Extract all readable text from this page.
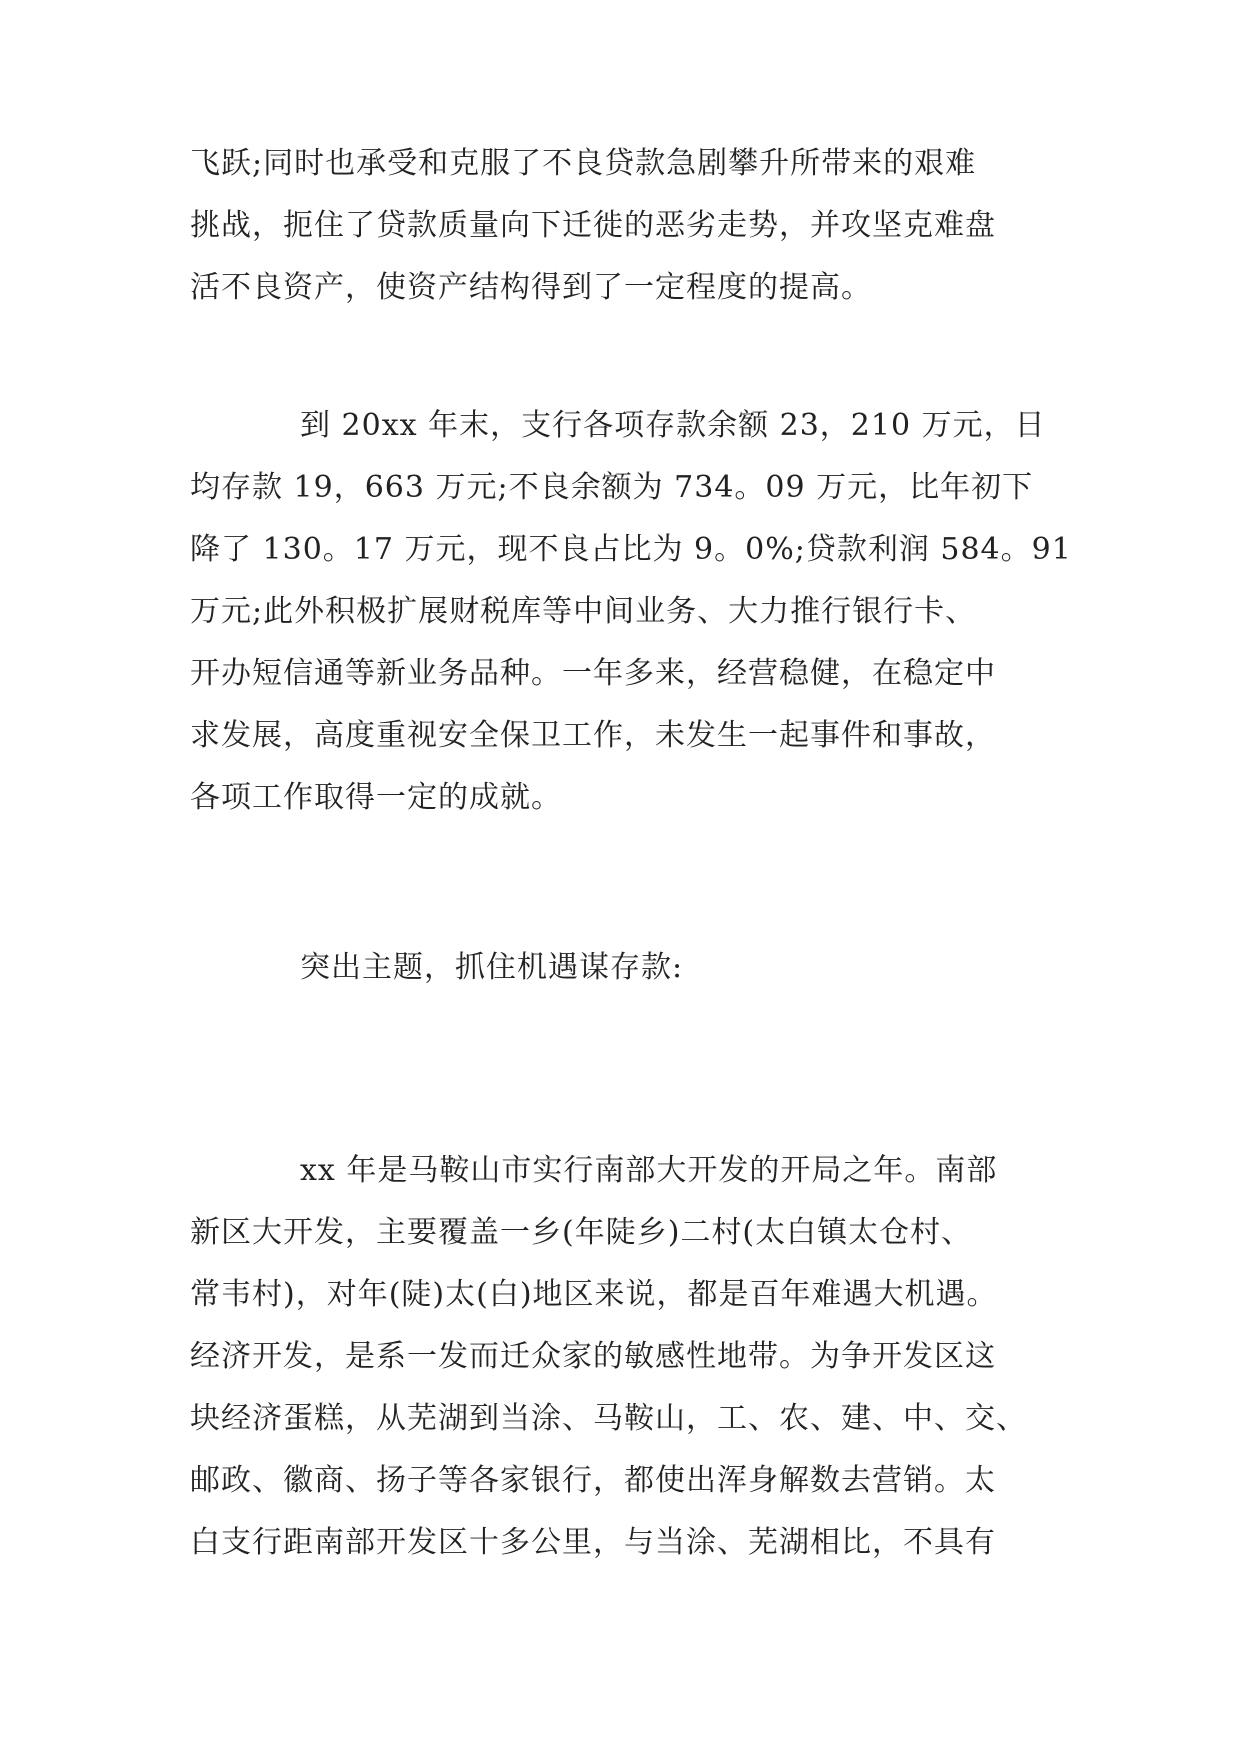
飞跃;同时也承受和克服了不良贷款急剧攀升所带来的艰难
挑战，扼住了贷款质量向下迁徙的恶劣走势，并攻坚克难盘
活不良资产，使资产结构得到了一定程度的提高。
到 20xx 年末，支行各项存款余额 23，210 万元，日
均存款 19，663 万元;不良余额为 734。09 万元，比年初下
降了 130。17 万元，现不良占比为 9。0%;贷款利润 584。91
万元;此外积极扩展财税库等中间业务、大力推行银行卡、
开办短信通等新业务品种。一年多来，经营稳健，在稳定中
求发展，高度重视安全保卫工作，未发生一起事件和事故，
各项工作取得一定的成就。
突出主题，抓住机遇谋存款:
xx 年是马鞍山市实行南部大开发的开局之年。南部
新区大开发，主要覆盖一乡(年陡乡)二村(太白镇太仓村、
常韦村)，对年(陡)太(白)地区来说，都是百年难遇大机遇。
经济开发，是系一发而迁众家的敏感性地带。为争开发区这
块经济蛋糕，从芜湖到当涂、马鞍山，工、农、建、中、交、
邮政、徽商、扬子等各家银行，都使出浑身解数去营销。太
白支行距南部开发区十多公里，与当涂、芜湖相比，不具有
